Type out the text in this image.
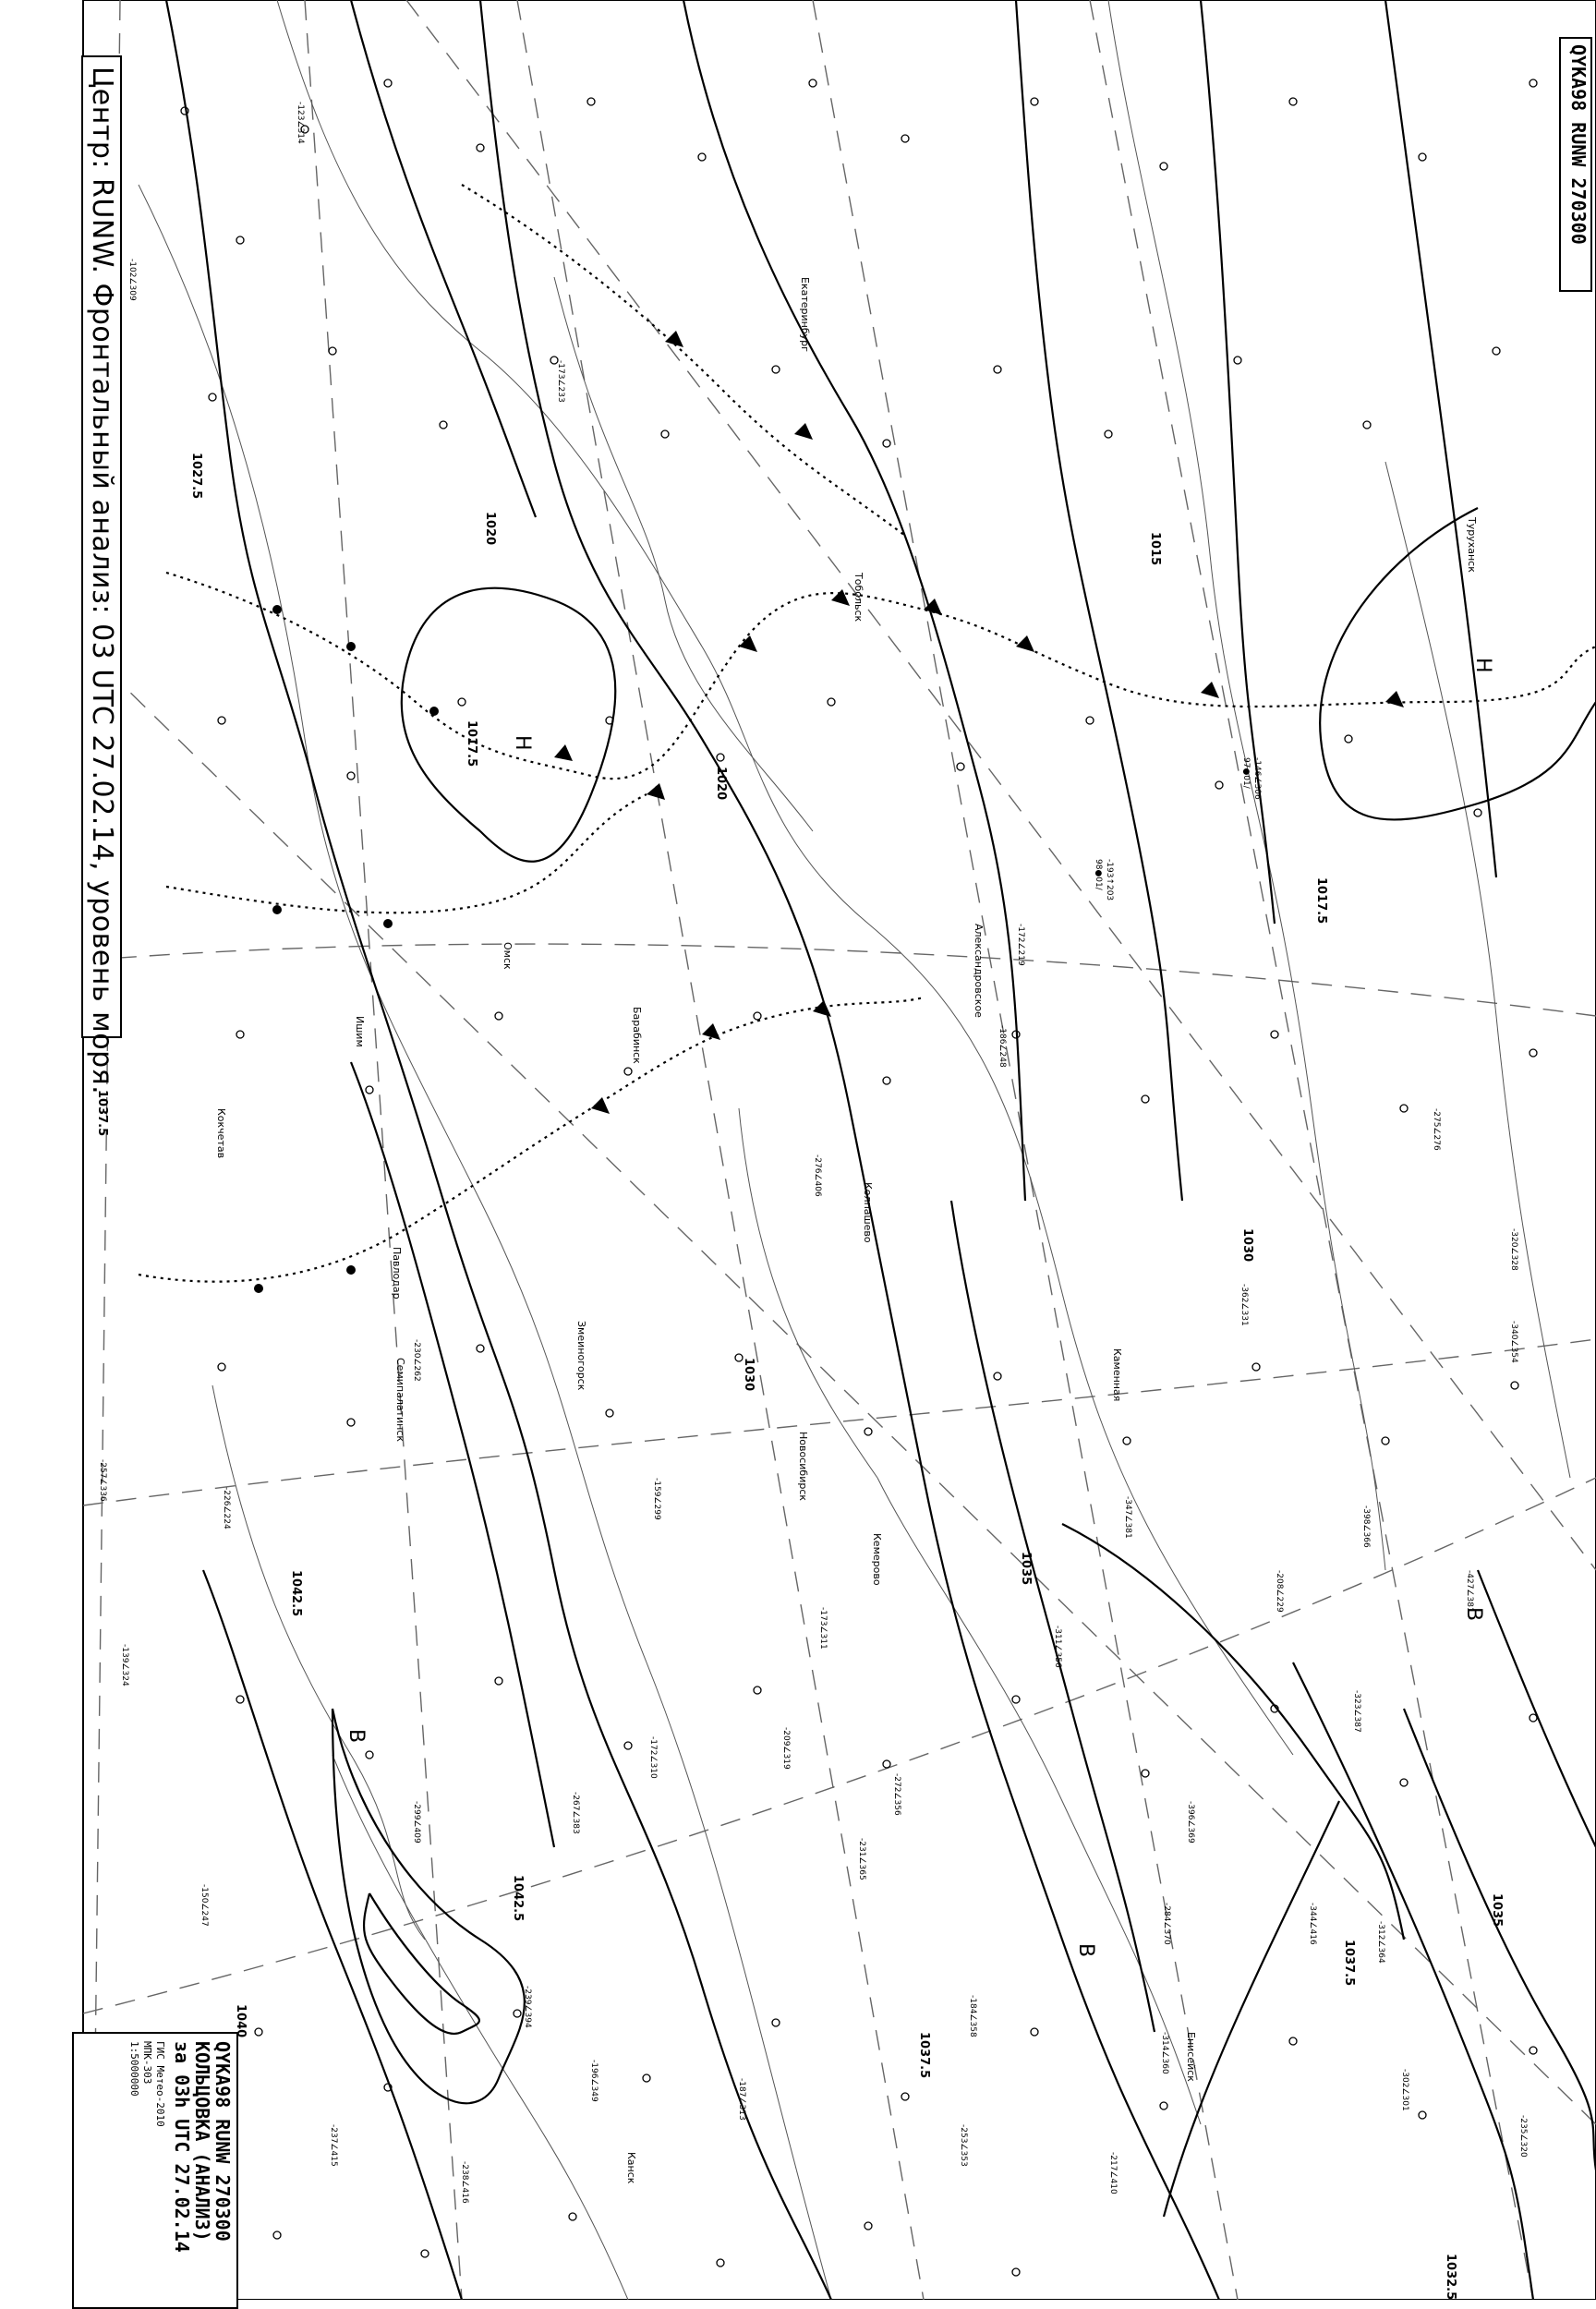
Центр: RUNW. Фронтальный анализ: 03 UTC 27.02.14, уровень моря.	QYKA98 RUNW 270300
QYKA98 RUNW 270300
КОЛЬЦОВКА (АНАЛИЗ)
за 03h UTC 27.02.14
ГИС Метео-2010
МПК-303
1:5000000
1015
1017.5
1020
1017.5
1020
1027.5
1030
1030
1035
1037.5
1035
1037.5
1040
1042.5
1042.5
1037.5
1032.5
Н
Н
В
В
В
Екатеринбург
Тобольск
Александровское
Колпашево
Каменная
Енисейск
Туруханск
Канск
Ишим
Омск
Барабинск
Павлодар
Семипалатинск
Змеиногорск
Новосибирск
Кемерово
Кокчетав
-146∠306
97●01/
-193↑203
98●01/
-172∠219
-186∠248
-275∠276
-320∠328
-340∠354
-398∠366
-427∠381
-302∠301
-235∠320
-226∠224
-257∠336
-299∠409
-150∠247
-139∠324
-102∠309
-123∠314
-208∠229
-172∠310
-159∠299
-173∠311
-209∠319
-231∠365
-196∠349	-187∠313
-238∠416
-267∠383
-239∠394
-253∠353
-237∠415
-184∠358
-314∠360
-230∠262
-217∠410
-312∠364
-396∠369
-344∠416
-347∠381
-323∠387
-362∠331
-311∠356
-276∠406
-284∠370
-272∠356
-173∠233
